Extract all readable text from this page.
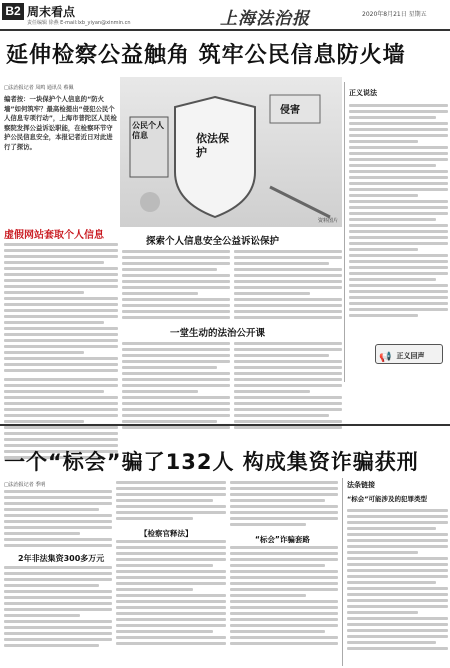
B2 周末看点
责任编辑 徐燕 E-mail:lxb_yiyan@xinmin.cn	上海法治报	2020年8月21日 星期五
延伸检察公益触角 筑牢公民信息防火墙
□法治报记者 凤鸣 通讯员 蔡佩
编者按：一块保护个人信息的“防火墙”如何筑牢？最高检提出“侵犯公民个人信息专项行动”，上海市普陀区人民检察院发挥公益诉讼职能，在检察环节守护公民信息安全，本报记者近日对此进行了探访。
公民个人信息	依法保护
侵害
资料图片
正义说法
📢 正义回声
虚假网站套取个人信息
探索个人信息安全公益诉讼保护
一堂生动的法治公开课
一个“标会”骗了132人 构成集资诈骗获刑
□法治报记者 季明
2年非法集资300多万元
【检察官释法】
“标会”诈骗套路
法条链接
“标会”可能涉及的犯罪类型
